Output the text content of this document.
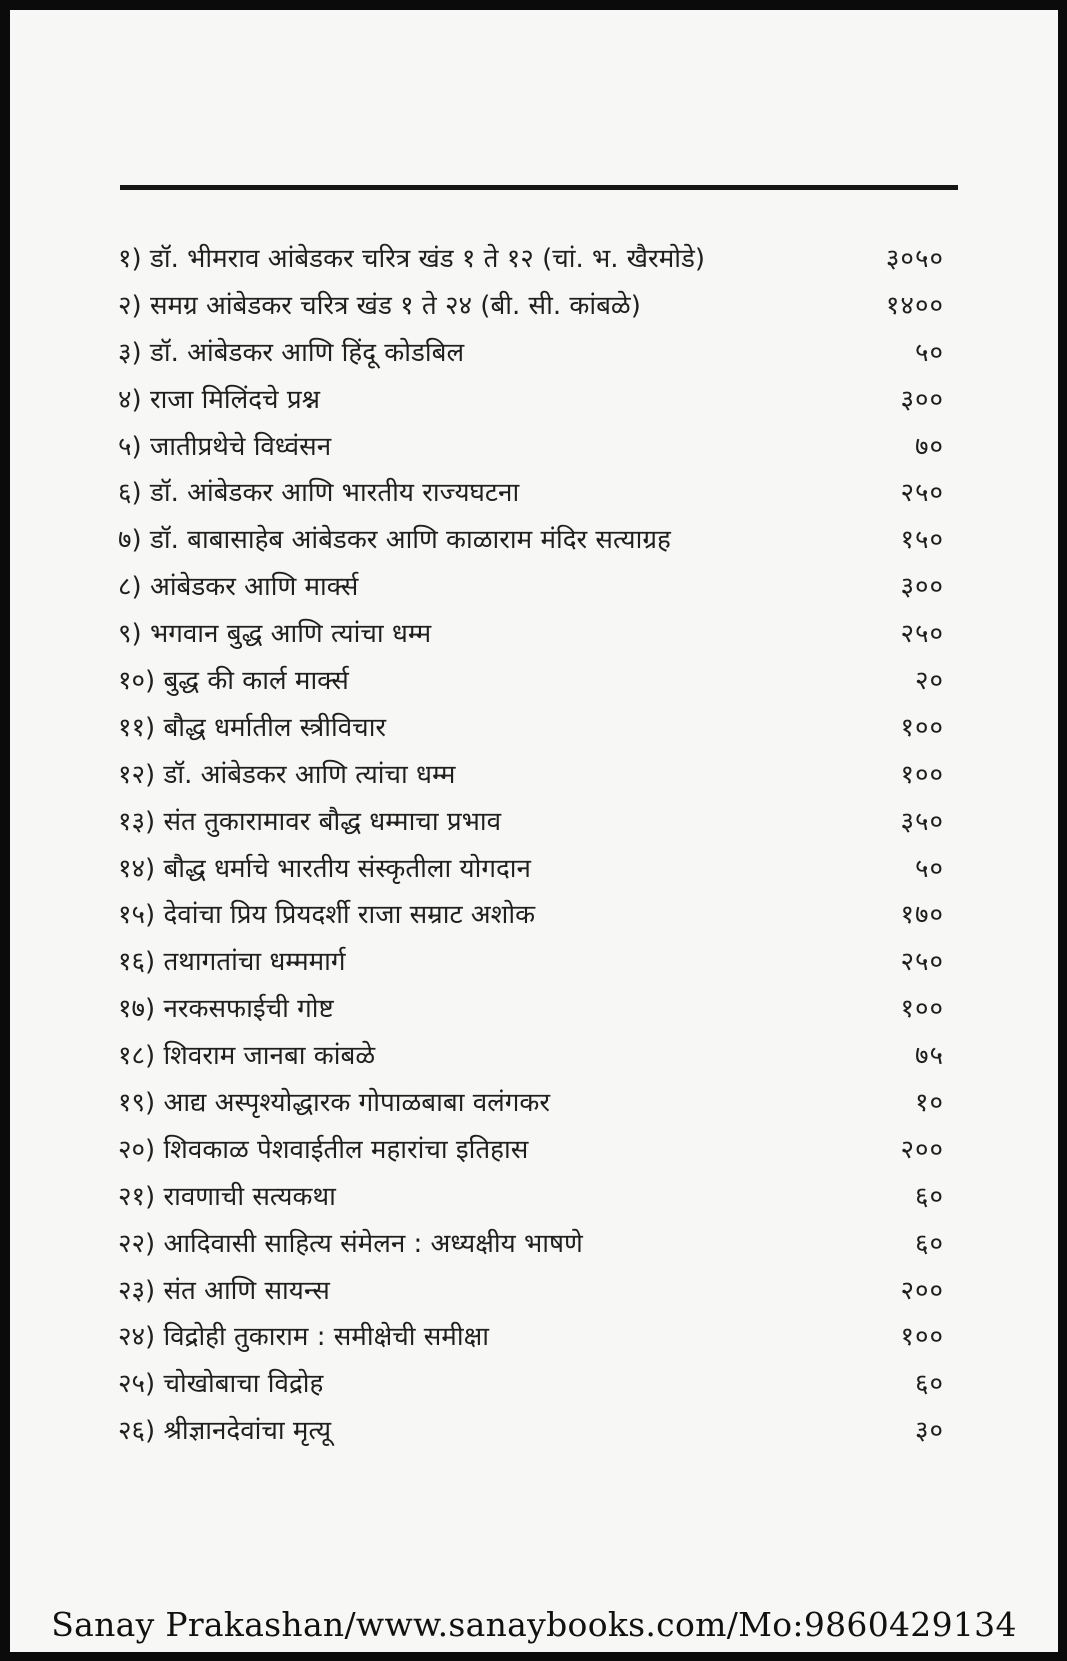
१) डॉ. भीमराव आंबेडकर चरित्र खंड १ ते १२ (चां. भ. खैरमोडे)	३०५०
२) समग्र आंबेडकर चरित्र खंड १ ते २४ (बी. सी. कांबळे)	१४००
३) डॉ. आंबेडकर आणि हिंदू कोडबिल	५०
४) राजा मिलिंदचे प्रश्न	३००
५) जातीप्रथेचे विध्वंसन	७०
६) डॉ. आंबेडकर आणि भारतीय राज्यघटना	२५०
७) डॉ. बाबासाहेब आंबेडकर आणि काळाराम मंदिर सत्याग्रह	१५०
८) आंबेडकर आणि मार्क्स	३००
९) भगवान बुद्ध आणि त्यांचा धम्म	२५०
१०) बुद्ध की कार्ल मार्क्स	२०
११) बौद्ध धर्मातील स्त्रीविचार	१००
१२) डॉ. आंबेडकर आणि त्यांचा धम्म	१००
१३) संत तुकारामावर बौद्ध धम्माचा प्रभाव	३५०
१४) बौद्ध धर्माचे भारतीय संस्कृतीला योगदान	५०
१५) देवांचा प्रिय प्रियदर्शी राजा सम्राट अशोक	१७०
१६) तथागतांचा धम्ममार्ग	२५०
१७) नरकसफाईची गोष्ट	१००
१८) शिवराम जानबा कांबळे	७५
१९) आद्य अस्पृश्योद्धारक गोपाळबाबा वलंगकर	१०
२०) शिवकाळ पेशवाईतील महारांचा इतिहास	२००
२१) रावणाची सत्यकथा	६०
२२) आदिवासी साहित्य संमेलन : अध्यक्षीय भाषणे	६०
२३) संत आणि सायन्स	२००
२४) विद्रोही तुकाराम : समीक्षेची समीक्षा	१००
२५) चोखोबाचा विद्रोह	६०
२६) श्रीज्ञानदेवांचा मृत्यू	३०
Sanay Prakashan/www.sanaybooks.com/Mo:9860429134
